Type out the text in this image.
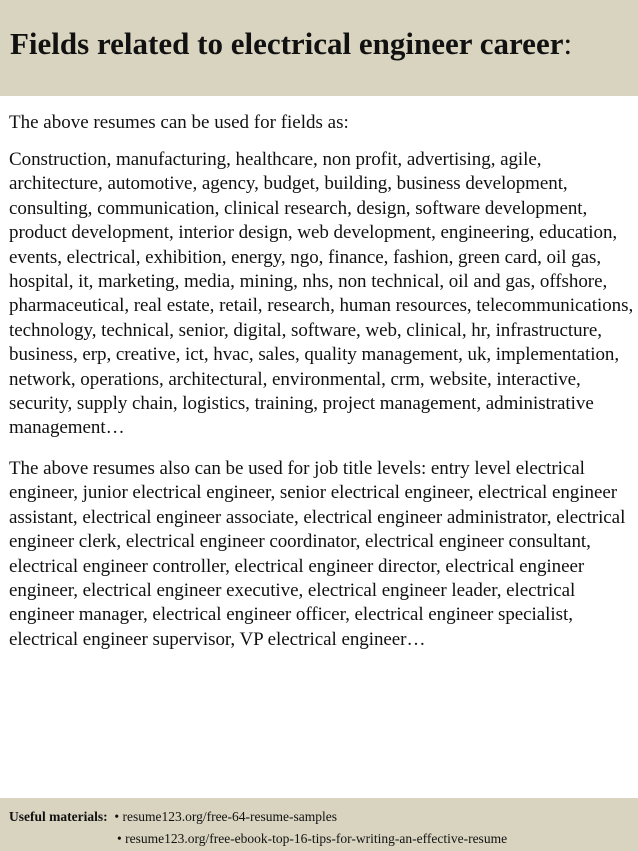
Fields related to electrical engineer career:

The above resumes can be used for fields as:

Construction, manufacturing, healthcare, non profit, advertising, agile, architecture, automotive, agency, budget, building, business development, consulting, communication, clinical research, design, software development, product development, interior design, web development, engineering, education, events, electrical, exhibition, energy, ngo, finance, fashion, green card, oil gas, hospital, it, marketing, media, mining, nhs, non technical, oil and gas, offshore, pharmaceutical, real estate, retail, research, human resources, telecommunications, technology, technical, senior, digital, software, web, clinical, hr, infrastructure, business, erp, creative, ict, hvac, sales, quality management, uk, implementation, network, operations, architectural, environmental, crm, website, interactive, security, supply chain, logistics, training, project management, administrative management…

The above resumes also can be used for job title levels: entry level electrical engineer, junior electrical engineer, senior electrical engineer, electrical engineer assistant, electrical engineer associate, electrical engineer administrator, electrical engineer clerk, electrical engineer coordinator, electrical engineer consultant, electrical engineer controller, electrical engineer director, electrical engineer engineer, electrical engineer executive, electrical engineer leader, electrical engineer manager, electrical engineer officer, electrical engineer specialist, electrical engineer supervisor, VP electrical engineer…

Useful materials: • resume123.org/free-64-resume-samples
• resume123.org/free-ebook-top-16-tips-for-writing-an-effective-resume
